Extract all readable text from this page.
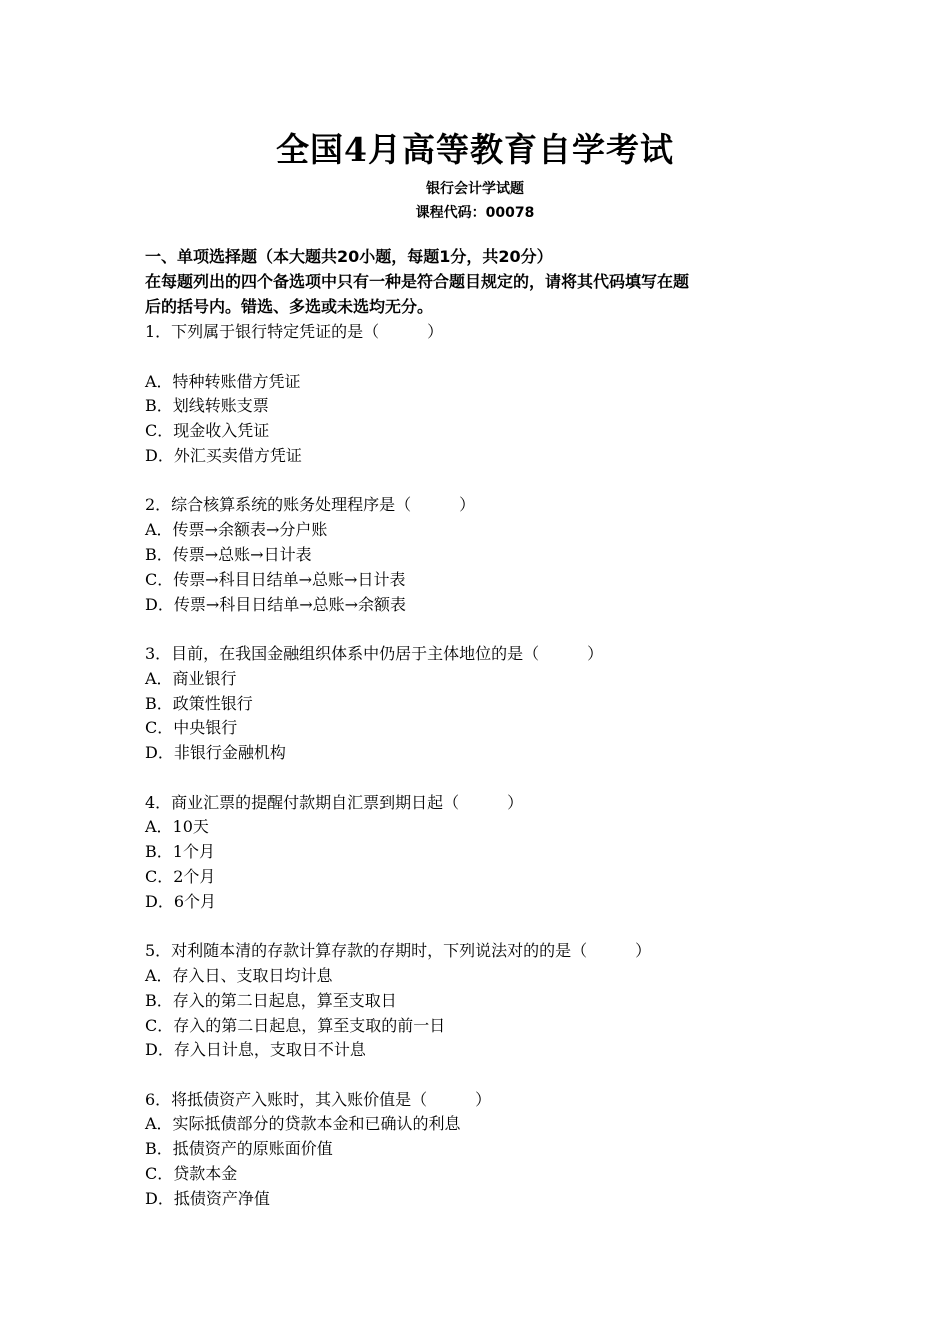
全国4月高等教育自学考试
银行会计学试题
课程代码：00078
一、单项选择题（本大题共20小题，每题1分，共20分）
在每题列出的四个备选项中只有一种是符合题目规定的，请将其代码填写在题
后的括号内。错选、多选或未选均无分。
1．下列属于银行特定凭证的是（　　　）
A．特种转账借方凭证
B．划线转账支票
C．现金收入凭证
D．外汇买卖借方凭证
2．综合核算系统的账务处理程序是（　　　）
A．传票→余额表→分户账
B．传票→总账→日计表
C．传票→科目日结单→总账→日计表
D．传票→科目日结单→总账→余额表
3．目前，在我国金融组织体系中仍居于主体地位的是（　　　）
A．商业银行
B．政策性银行
C．中央银行
D．非银行金融机构
4．商业汇票的提醒付款期自汇票到期日起（　　　）
A．10天
B．1个月
C．2个月
D．6个月
5．对利随本清的存款计算存款的存期时，下列说法对的的是（　　　）
A．存入日、支取日均计息
B．存入的第二日起息，算至支取日
C．存入的第二日起息，算至支取的前一日
D．存入日计息，支取日不计息
6．将抵债资产入账时，其入账价值是（　　　）
A．实际抵债部分的贷款本金和已确认的利息
B．抵债资产的原账面价值
C．贷款本金
D．抵债资产净值
